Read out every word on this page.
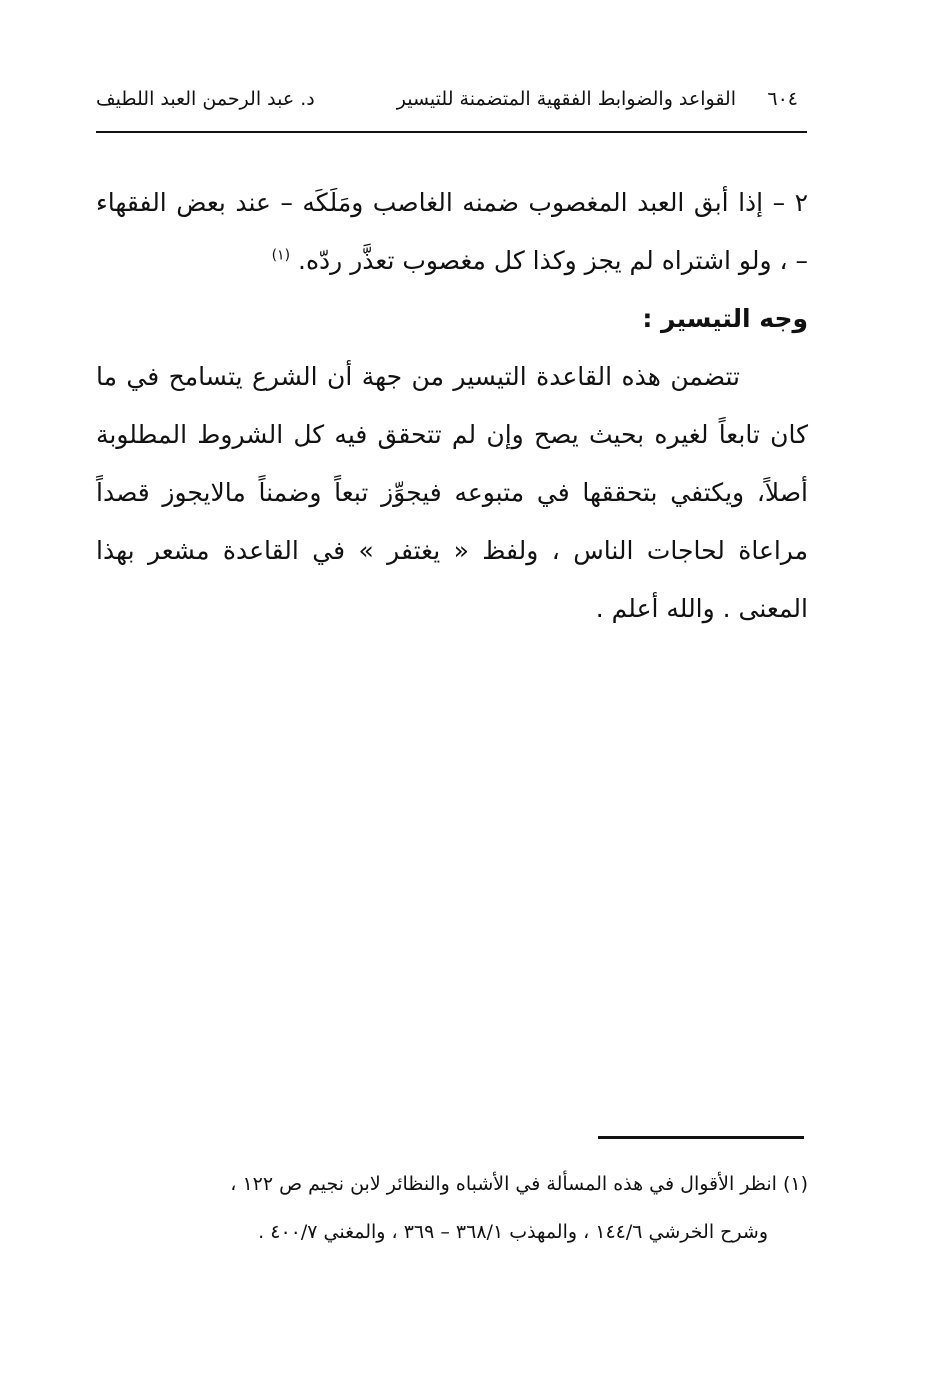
٦٠٤
القواعد والضوابط الفقهية المتضمنة للتيسير
د. عبد الرحمن العبد اللطيف

٢ – إذا أبق العبد المغصوب ضمنه الغاصب ومَلَكَه – عند بعض الفقهاء – ، ولو اشتراه لم يجز وكذا كل مغصوب تعذَّر ردّه. $^{(١)}$

وجه التيسير :

تتضمن هذه القاعدة التيسير من جهة أن الشرع يتسامح في ما كان تابعاً لغيره بحيث يصح وإن لم تتحقق فيه كل الشروط المطلوبة أصلاً، ويكتفي بتحققها في متبوعه فيجوِّز تبعاً وضمناً مالايجوز قصداً مراعاة لحاجات الناس ، ولفظ « يغتفر » في القاعدة مشعر بهذا المعنى . والله أعلم .

(١) انظر الأقوال في هذه المسألة في الأشباه والنظائر لابن نجيم ص ١٢٢ ،

وشرح الخرشي ١٤٤/٦ ، والمهذب ٣٦٨/١ – ٣٦٩ ، والمغني ٤٠٠/٧ .
